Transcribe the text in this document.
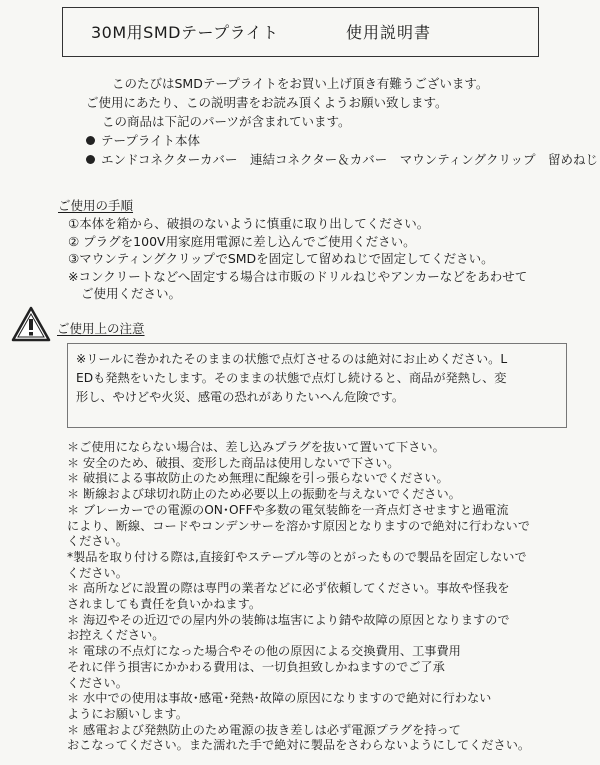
30M用SMDテープライト	使用説明書
このたびはSMDテープライトをお買い上げ頂き有難うございます。
ご使用にあたり、この説明書をお読み頂くようお願い致します。
この商品は下記のパーツが含まれています。
テープライト本体
エンドコネクターカバー　連結コネクター＆カバー　マウンティングクリップ　留めねじ
ご使用の手順
①本体を箱から、破損のないように慎重に取り出してください。
② プラグを100V用家庭用電源に差し込んでご使用ください。
③マウンティングクリップでSMDを固定して留めねじで固定してください。
※コンクリートなどへ固定する場合は市販のドリルねじやアンカーなどをあわせて
ご使用ください。
ご使用上の注意
※リールに巻かれたそのままの状態で点灯させるのは絶対にお止めください。L
EDも発熱をいたします。そのままの状態で点灯し続けると、商品が発熱し、変
形し、やけどや火災、感電の恐れがありたいへん危険です。
＊ご使用にならない場合は、差し込みプラグを抜いて置いて下さい。
＊ 安全のため、破損、変形した商品は使用しないで下さい。
＊ 破損による事故防止のため無理に配線を引っ張らないでください。
＊ 断線および球切れ防止のため必要以上の振動を与えないでください。
＊ ブレーカーでの電源のON･OFFや多数の電気装飾を一斉点灯させますと過電流
により、断線、コードやコンデンサーを溶かす原因となりますので絶対に行わないで
ください。
*製品を取り付ける際は,直接釘やステープル等のとがったもので製品を固定しないで
ください。
＊ 高所などに設置の際は専門の業者などに必ず依頼してください。事故や怪我を
されましても責任を負いかねます。
＊ 海辺やその近辺での屋内外の装飾は塩害により錆や故障の原因となりますので
お控えください。
＊ 電球の不点灯になった場合やその他の原因による交換費用、工事費用
それに伴う損害にかかわる費用は、一切負担致しかねますのでご了承
ください。
＊ 水中での使用は事故･感電･発熱･故障の原因になりますので絶対に行わない
ようにお願いします。
＊ 感電および発熱防止のため電源の抜き差しは必ず電源プラグを持って
おこなってください。また濡れた手で絶対に製品をさわらないようにしてください。
